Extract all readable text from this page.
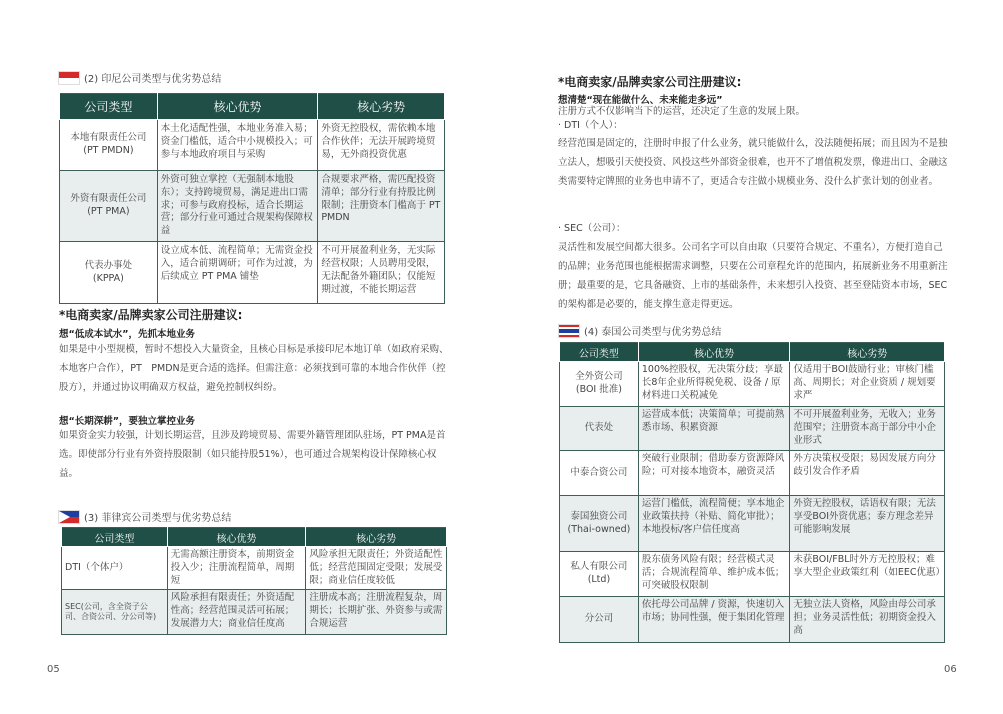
(2) 印尼公司类型与优劣势总结
公司类型	核心优势	核心劣势

本地有限责任公司
(PT PMDN)	本土化适配性强，本地业务准入易；资金门槛低，适合中小规模投入；可参与本地政府项目与采购	外资无控股权，需依赖本地合作伙伴；无法开展跨境贸易，无外商投资优惠

外资有限责任公司
(PT PMA)	外资可独立掌控（无强制本地股东）；支持跨境贸易，满足进出口需求；可参与政府投标，适合长期运营；部分行业可通过合规架构保障权益	合规要求严格，需匹配投资清单；部分行业有持股比例限制；注册资本门槛高于 PT PMDN

代表办事处
(KPPA)	设立成本低、流程简单；无需资金投入，适合前期调研；可作为过渡，为后续成立 PT PMA 铺垫	不可开展盈利业务，无实际经营权限；人员聘用受限，无法配备外籍团队；仅能短期过渡，不能长期运营
*电商卖家/品牌卖家公司注册建议:
想“低成本试水”，先抓本地业务
如果是中小型规模，暂时不想投入大量资金，且核心目标是承接印尼本地订单（如政府采购、本地客户合作），PT　PMDN是更合适的选择。但需注意：必须找到可靠的本地合作伙伴（控股方），并通过协议明确双方权益，避免控制权纠纷。
想“长期深耕”，要独立掌控业务
如果资金实力较强，计划长期运营，且涉及跨境贸易、需要外籍管理团队驻场，PT PMA是首选。即使部分行业有外资持股限制（如只能持股51%），也可通过合规架构设计保障核心权益。
(3) 菲律宾公司类型与优劣势总结
公司类型	核心优势	核心劣势
DTI（个体户）	无需高额注册资本，前期资金投入少；注册流程简单，周期短	风险承担无限责任；外资适配性低；经营范围固定受限；发展受限；商业信任度较低
SEC(公司，含全资子公司、合资公司、分公司等)	风险承担有限责任；外资适配性高；经营范围灵活可拓展；发展潜力大；商业信任度高	注册成本高；注册流程复杂，周期长；长期扩张、外资参与或需合规运营
05
*电商卖家/品牌卖家公司注册建议:
想清楚“现在能做什么、未来能走多远”
注册方式不仅影响当下的运营，还决定了生意的发展上限。
· DTI（个人）：
经营范围是固定的，注册时申报了什么业务，就只能做什么，没法随便拓展；而且因为不是独立法人，想吸引天使投资、风投这些外部资金很难，也开不了增值税发票，像进出口、金融这类需要特定牌照的业务也申请不了，更适合专注做小规模业务、没什么扩张计划的创业者。
· SEC（公司）：
灵活性和发展空间都大很多。公司名字可以自由取（只要符合规定、不重名），方便打造自己的品牌；业务范围也能根据需求调整，只要在公司章程允许的范围内，拓展新业务不用重新注册；最重要的是，它具备融资、上市的基础条件，未来想引入投资、甚至登陆资本市场，SEC 的架构都是必要的，能支撑生意走得更远。
(4) 泰国公司类型与优劣势总结
公司类型	核心优势	核心劣势

全外资公司
(BOI 批准)	100%控股权，无决策分歧；享最长8年企业所得税免税、设备 / 原材料进口关税减免	仅适用于BOI鼓励行业；审核门槛高、周期长；对企业资质 / 规划要求严

代表处	运营成本低；决策简单；可提前熟悉市场、积累资源	不可开展盈利业务，无收入；业务范围窄；注册资本高于部分中小企业形式

中泰合资公司	突破行业限制；借助泰方资源降风险；可对接本地资本，融资灵活	外方决策权受限；易因发展方向分歧引发合作矛盾

泰国独资公司
(Thai-owned)	运营门槛低，流程简便；享本地企业政策扶持（补贴、简化审批）；本地投标/客户信任度高	外资无控股权，话语权有限；无法享受BOI外资优惠；泰方理念差异可能影响发展

私人有限公司
(Ltd)	股东债务风险有限；经营模式灵活；合规流程简单、维护成本低；可突破股权限制	未获BOI/FBL时外方无控股权；难享大型企业政策红利（如EEC优惠）

分公司	依托母公司品牌 / 资源，快速切入市场；协同性强，便于集团化管理	无独立法人资格，风险由母公司承担；业务灵活性低；初期资金投入高
06
